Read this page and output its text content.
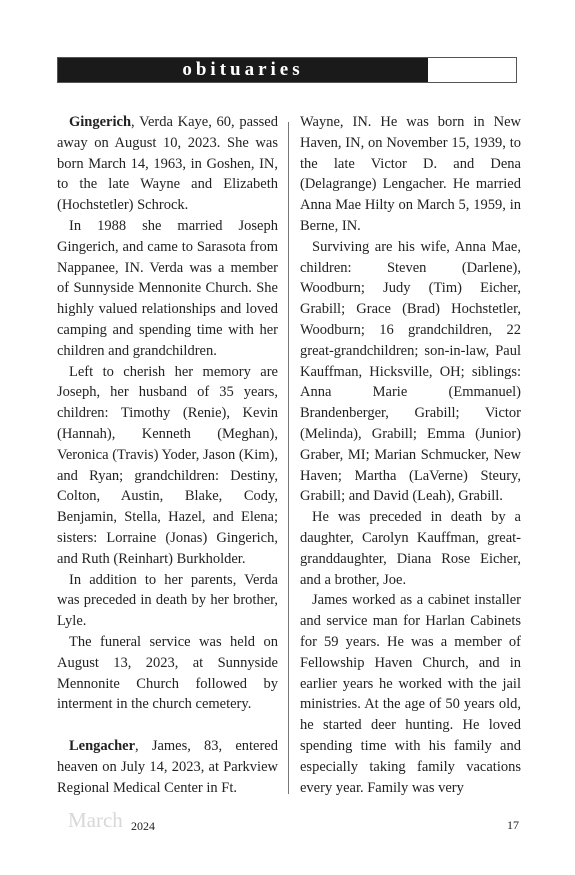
obituaries

Gingerich, Verda Kaye, 60, passed away on August 10, 2023. She was born March 14, 1963, in Goshen, IN, to the late Wayne and Elizabeth (Hochstetler) Schrock.

In 1988 she married Joseph Gingerich, and came to Sarasota from Nappanee, IN. Verda was a member of Sunnyside Mennonite Church. She highly valued relationships and loved camping and spending time with her children and grandchildren.

Left to cherish her memory are Joseph, her husband of 35 years, children: Timothy (Renie), Kevin (Hannah), Kenneth (Meghan), Veronica (Travis) Yoder, Jason (Kim), and Ryan; grandchildren: Destiny, Colton, Austin, Blake, Cody, Benjamin, Stella, Hazel, and Elena; sisters: Lorraine (Jonas) Gingerich, and Ruth (Reinhart) Burkholder.

In addition to her parents, Verda was preceded in death by her brother, Lyle.

The funeral service was held on August 13, 2023, at Sunnyside Mennonite Church followed by interment in the church cemetery.

Lengacher, James, 83, entered heaven on July 14, 2023, at Parkview Regional Medical Center in Ft.

Wayne, IN. He was born in New Haven, IN, on November 15, 1939, to the late Victor D. and Dena (Delagrange) Lengacher. He married Anna Mae Hilty on March 5, 1959, in Berne, IN.

Surviving are his wife, Anna Mae, children: Steven (Darlene), Woodburn; Judy (Tim) Eicher, Grabill; Grace (Brad) Hochstetler, Woodburn; 16 grandchildren, 22 great-grandchildren; son-in-law, Paul Kauffman, Hicksville, OH; siblings: Anna Marie (Emmanuel) Brandenberger, Grabill; Victor (Melinda), Grabill; Emma (Junior) Graber, MI; Marian Schmucker, New Haven; Martha (LaVerne) Steury, Grabill; and David (Leah), Grabill.

He was preceded in death by a daughter, Carolyn Kauffman, great-granddaughter, Diana Rose Eicher, and a brother, Joe.

James worked as a cabinet installer and service man for Harlan Cabinets for 59 years. He was a member of Fellowship Haven Church, and in earlier years he worked with the jail ministries. At the age of 50 years old, he started deer hunting. He loved spending time with his family and especially taking family vacations every year. Family was very

March 2024	17
